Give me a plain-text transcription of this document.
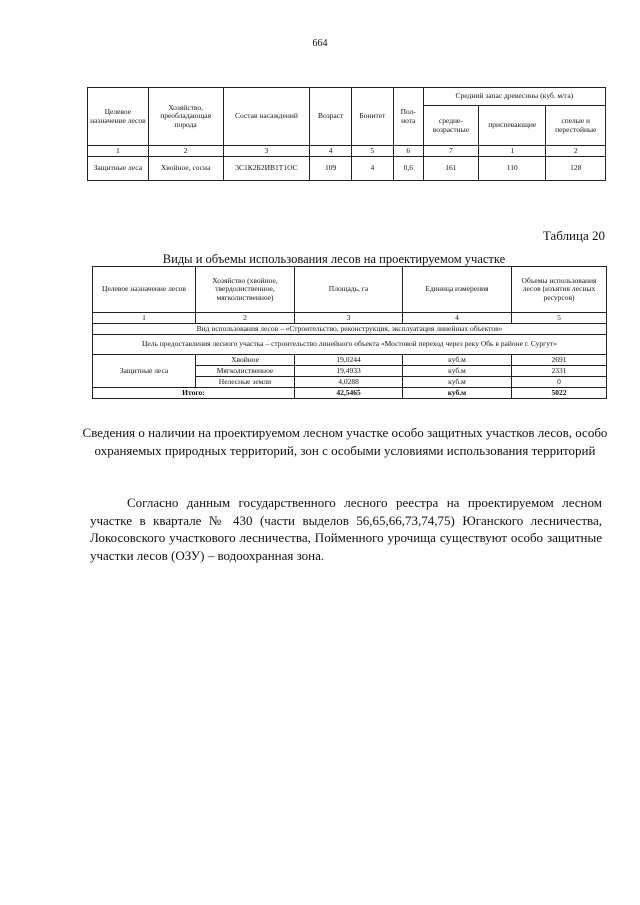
664
Целевое назначение лесов	Хозяйство, преобладающая порода	Состав насаждений	Возраст	Бонитет	Пол-нота	Средний запас древесины (куб. м/га)		
						средне-возрастные	приспевающие	спелые и перестойные
1	2	3	4	5	6	7	1	2
Защитные леса	Хвойное, сосна	3С1К2Б2ИВ1Т1ОС	109	4	0,6	161	110	128
Таблица 20
Виды и объемы использования лесов на проектируемом участке
Целевое назначение лесов	Хозяйство (хвойное, твердолиственное, мягколиственное)	Площадь, га	Единица измерения	Объемы использования лесов (изъятия лесных ресурсов)
1	2	3	4	5
Вид использования лесов – «Строительство, реконструкция, эксплуатация линейных объектов»				
Цель предоставления лесного участка – строительство линейного объекта «Мостовой переход через реку Обь в районе г. Сургут»				
Защитные леса	Хвойное	19,0244	куб.м	2691
	Мягколиственное	19,4933	куб.м	2331
	Нелесные земли	4,0288	куб.м	0
Итого:		42,5465	куб.м	5022
Сведения о наличии на проектируемом лесном участке особо защитных участков лесов, особо охраняемых природных территорий, зон с особыми условиями использования территорий
Согласно данным государственного лесного реестра на проектируемом лесном участке в квартале № 430 (части выделов 56,65,66,73,74,75) Юганского лесничества, Локосовского участкового лесничества, Пойменного урочища существуют особо защитные участки лесов (ОЗУ) – водоохранная зона.
